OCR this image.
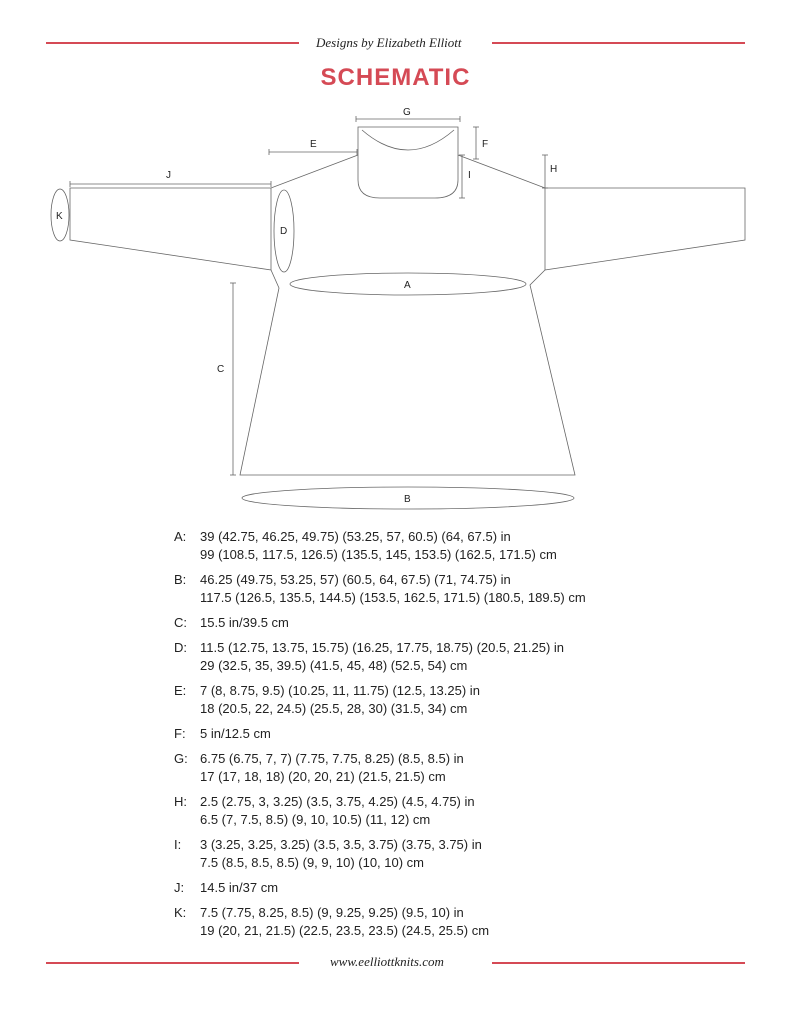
Designs by Elizabeth Elliott
SCHEMATIC
G
E	F
H
I
J
K
D
A
C
B
A:	39 (42.75, 46.25, 49.75) (53.25, 57, 60.5) (64, 67.5) in
99 (108.5, 117.5, 126.5) (135.5, 145, 153.5) (162.5, 171.5) cm
B:	46.25 (49.75, 53.25, 57) (60.5, 64, 67.5) (71, 74.75) in
117.5 (126.5, 135.5, 144.5) (153.5, 162.5, 171.5) (180.5, 189.5) cm
C:	15.5 in/39.5 cm
D:	11.5 (12.75, 13.75, 15.75) (16.25, 17.75, 18.75) (20.5, 21.25) in
29 (32.5, 35, 39.5) (41.5, 45, 48) (52.5, 54) cm
E:	7 (8, 8.75, 9.5) (10.25, 11, 11.75) (12.5, 13.25) in
18 (20.5, 22, 24.5) (25.5, 28, 30) (31.5, 34) cm
F:	5 in/12.5 cm
G: 6.75 (6.75, 7, 7) (7.75, 7.75, 8.25) (8.5, 8.5) in
17 (17, 18, 18) (20, 20, 21) (21.5, 21.5) cm
H:	2.5 (2.75, 3, 3.25) (3.5, 3.75, 4.25) (4.5, 4.75) in
6.5 (7, 7.5, 8.5) (9, 10, 10.5) (11, 12) cm
I:	3 (3.25, 3.25, 3.25) (3.5, 3.5, 3.75) (3.75, 3.75) in
7.5 (8.5, 8.5, 8.5) (9, 9, 10) (10, 10) cm
J:	14.5 in/37 cm
K:	7.5 (7.75, 8.25, 8.5) (9, 9.25, 9.25) (9.5, 10) in
19 (20, 21, 21.5) (22.5, 23.5, 23.5) (24.5, 25.5) cm
www.eelliottknits.com
